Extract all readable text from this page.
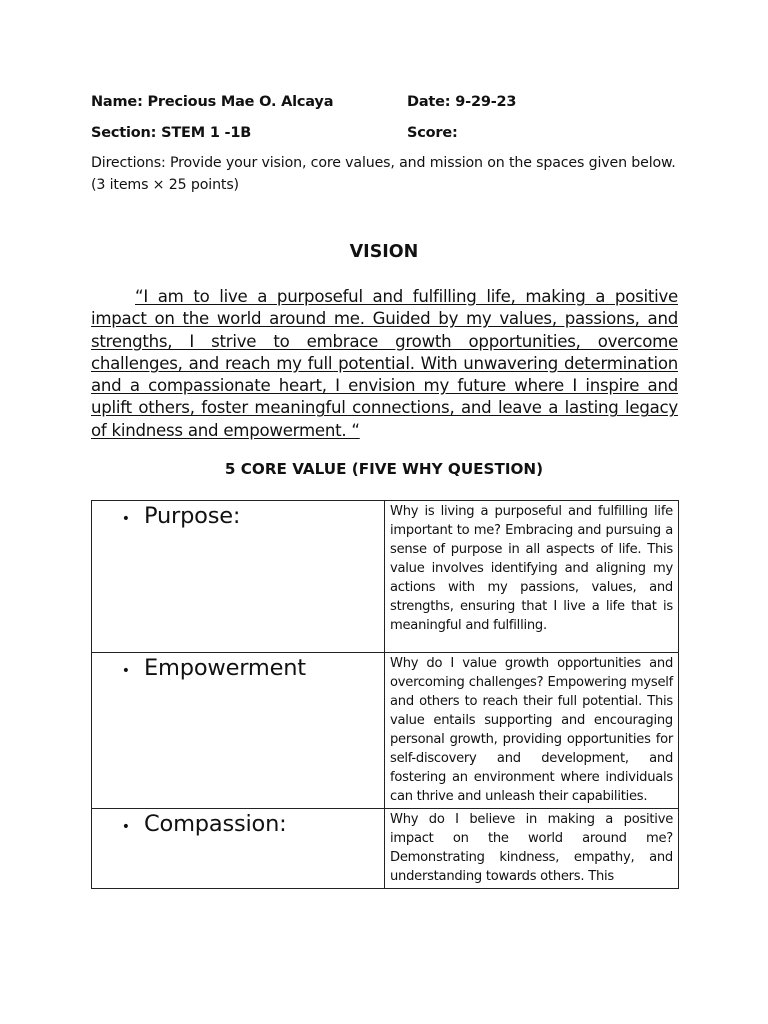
Name: Precious Mae O. Alcaya	Date: 9-29-23
Section: STEM 1 -1B	Score:
Directions: Provide your vision, core values, and mission on the spaces given below. (3 items × 25 points)
VISION
“I am to live a purposeful and fulfilling life, making a positive impact on the world around me. Guided by my values, passions, and strengths, I strive to embrace growth opportunities, overcome challenges, and reach my full potential. With unwavering determination and a compassionate heart, I envision my future where I inspire and uplift others, foster meaningful connections, and leave a lasting legacy of kindness and empowerment. “
5 CORE VALUE (FIVE WHY QUESTION)
• Purpose:	Why is living a purposeful and fulfilling life important to me? Embracing and pursuing a sense of purpose in all aspects of life. This value involves identifying and aligning my actions with my passions, values, and strengths, ensuring that I live a life that is meaningful and fulfilling.

• Empowerment	Why do I value growth opportunities and overcoming challenges? Empowering myself and others to reach their full potential. This value entails supporting and encouraging personal growth, providing opportunities for self-discovery and development, and fostering an environment where individuals can thrive and unleash their capabilities.

• Compassion:	Why do I believe in making a positive impact on the world around me? Demonstrating kindness, empathy, and understanding towards others. This
